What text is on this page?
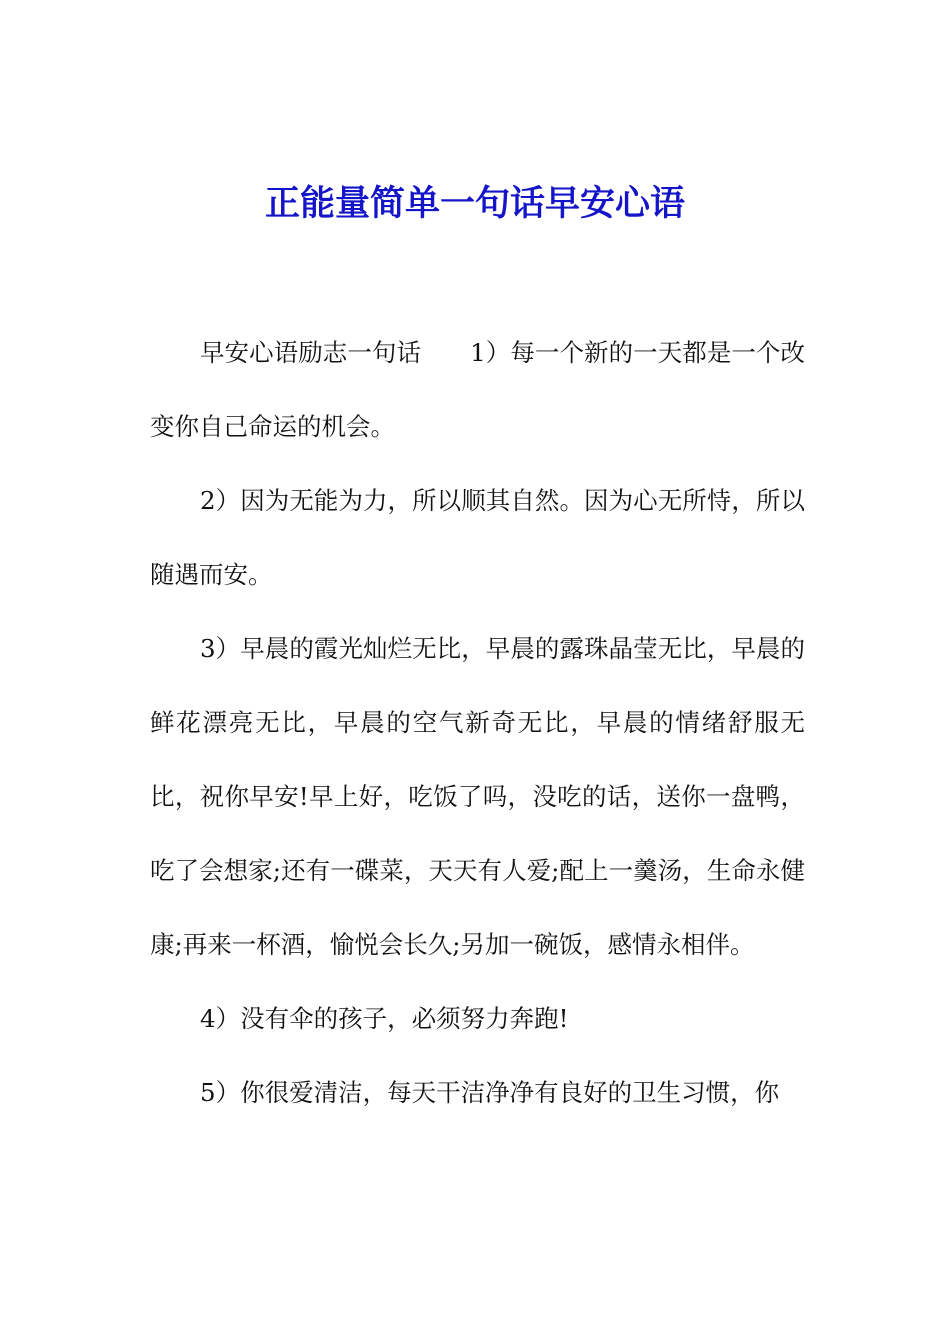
正能量简单一句话早安心语

早安心语励志一句话　　1）每一个新的一天都是一个改变你自己命运的机会。

2）因为无能为力，所以顺其自然。因为心无所恃，所以随遇而安。

3）早晨的霞光灿烂无比，早晨的露珠晶莹无比，早晨的鲜花漂亮无比，早晨的空气新奇无比，早晨的情绪舒服无比，祝你早安!早上好，吃饭了吗，没吃的话，送你一盘鸭，吃了会想家;还有一碟菜，天天有人爱;配上一羹汤，生命永健康;再来一杯酒，愉悦会长久;另加一碗饭，感情永相伴。

4）没有伞的孩子，必须努力奔跑!

5）你很爱清洁，每天干洁净净有良好的卫生习惯，你
